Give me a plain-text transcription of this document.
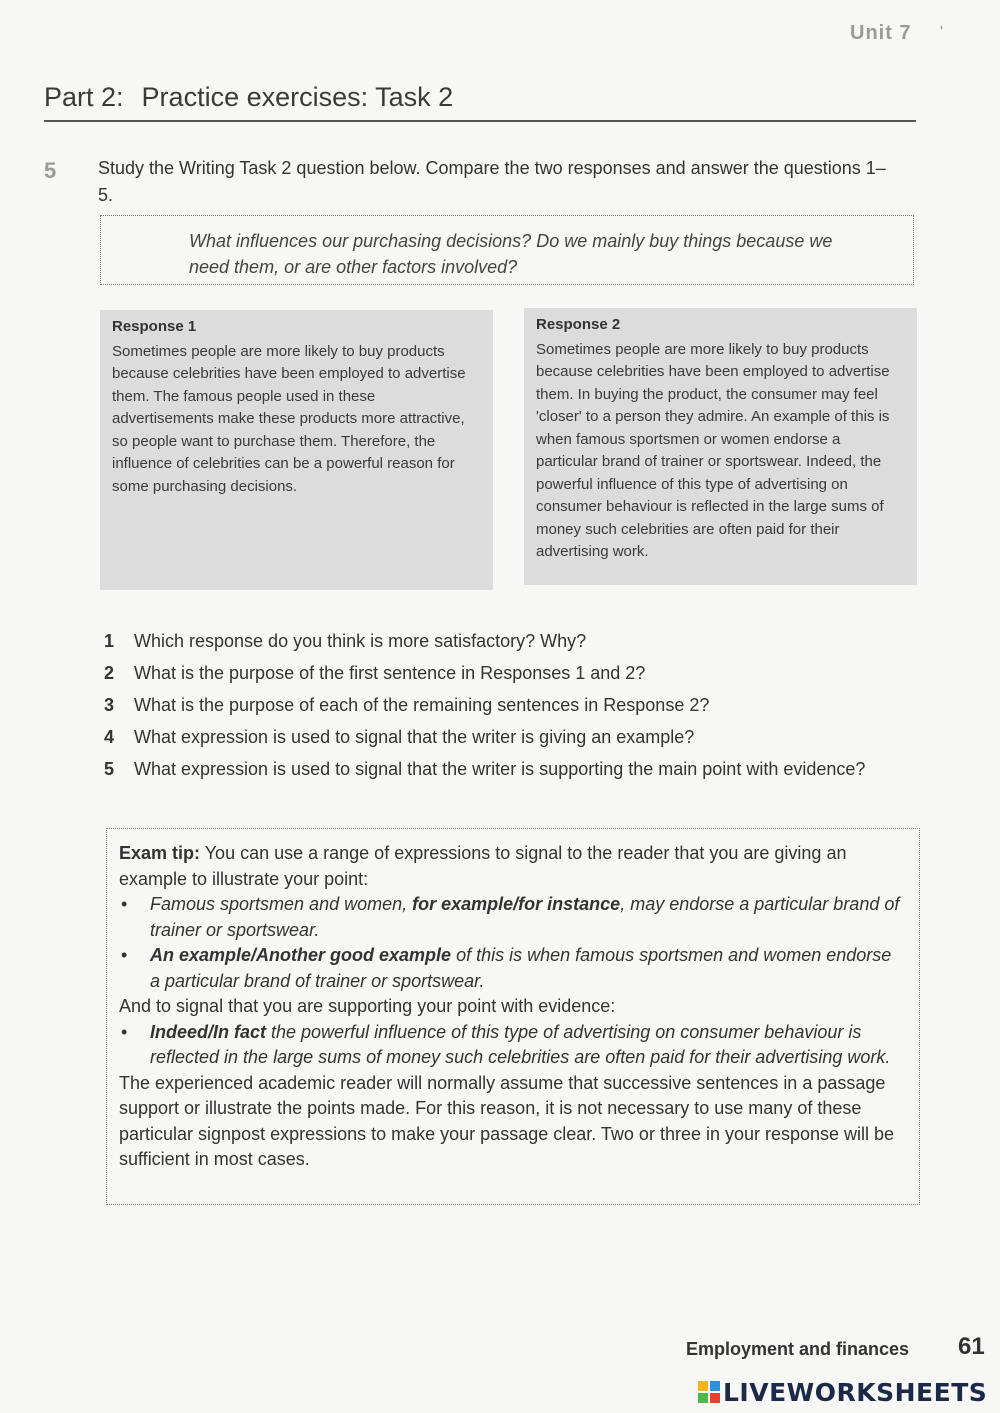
Unit 7 '
Part 2: Practice exercises: Task 2
5 Study the Writing Task 2 question below. Compare the two responses and answer the questions 1–5.
What influences our purchasing decisions? Do we mainly buy things because we need them, or are other factors involved?
Response 1

Sometimes people are more likely to buy products because celebrities have been employed to advertise them. The famous people used in these advertisements make these products more attractive, so people want to purchase them. Therefore, the influence of celebrities can be a powerful reason for some purchasing decisions.

Response 2

Sometimes people are more likely to buy products because celebrities have been employed to advertise them. In buying the product, the consumer may feel 'closer' to a person they admire. An example of this is when famous sportsmen or women endorse a particular brand of trainer or sportswear. Indeed, the powerful influence of this type of advertising on consumer behaviour is reflected in the large sums of money such celebrities are often paid for their advertising work.

1	Which response do you think is more satisfactory? Why?
2	What is the purpose of the first sentence in Responses 1 and 2?
3	What is the purpose of each of the remaining sentences in Response 2?
4	What expression is used to signal that the writer is giving an example?
5	What expression is used to signal that the writer is supporting the main point with evidence?

Exam tip: You can use a range of expressions to signal to the reader that you are giving an example to illustrate your point:

•	Famous sportsmen and women, for example/for instance, may endorse a particular brand of trainer or sportswear.
•	An example/Another good example of this is when famous sportsmen and women endorse a particular brand of trainer or sportswear.

And to signal that you are supporting your point with evidence:

•	Indeed/In fact the powerful influence of this type of advertising on consumer behaviour is reflected in the large sums of money such celebrities are often paid for their advertising work.

The experienced academic reader will normally assume that successive sentences in a passage support or illustrate the points made. For this reason, it is not necessary to use many of these particular signpost expressions to make your passage clear. Two or three in your response will be sufficient in most cases.

Employment and finances 61
LIVEWORKSHEETS
